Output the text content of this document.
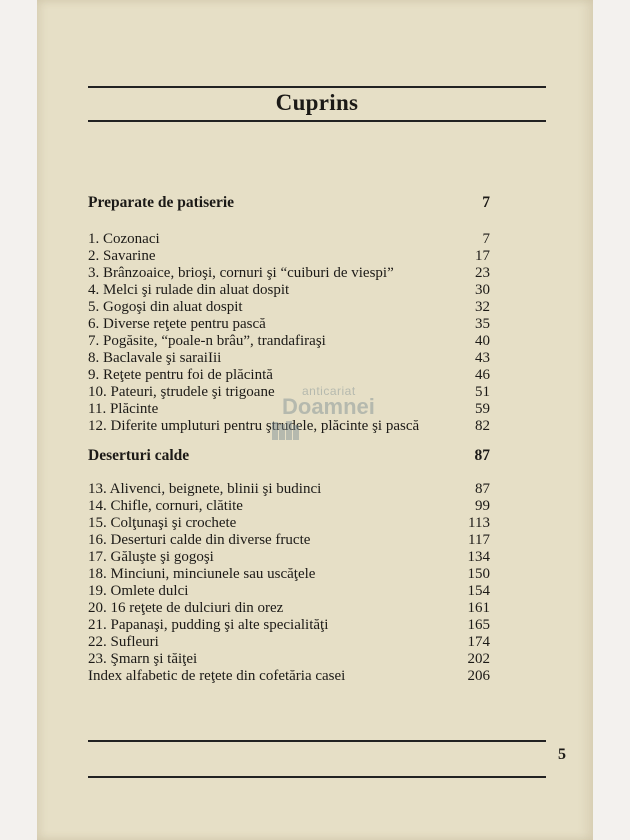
Cuprins
Preparate de patiserie	7
1. Cozonaci	7
2. Savarine	17
3. Brânzoaice, brioşi, cornuri şi “cuiburi de viespi”	23
4. Melci şi rulade din aluat dospit	30
5. Gogoşi din aluat dospit	32
6. Diverse reţete pentru pască	35
7. Pogăsite, “poale-n brâu”, trandafiraşi	40
8. Baclavale şi saraiIii	43
9. Reţete pentru foi de plăcintă	46
10. Pateuri, ştrudele şi trigoane	51
11. Plăcinte	59
12. Diferite umpluturi pentru ştrudele, plăcinte şi pască	82
Deserturi calde	87
13. Alivenci, beignete, blinii şi budinci	87
14. Chifle, cornuri, clătite	99
15. Colţunaşi şi crochete	113
16. Deserturi calde din diverse fructe	117
17. Găluşte şi gogoşi	134
18. Minciuni, minciunele sau uscăţele	150
19. Omlete dulci	154
20. 16 reţete de dulciuri din orez	161
21. Papanaşi, pudding şi alte specialităţi	165
22. Sufleuri	174
23. Şmarn şi tăiţei	202
Index alfabetic de reţete din cofetăria casei	206
anticariat
Doamnei
5
